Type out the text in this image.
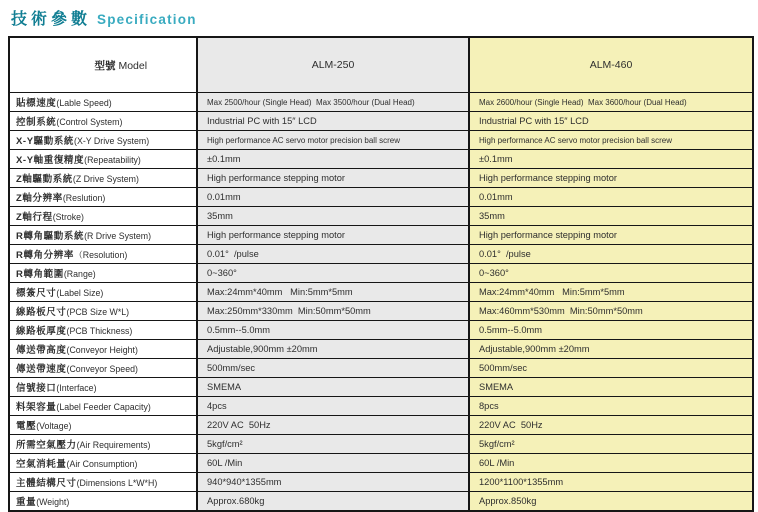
技術參數 Specification

型號 Model	ALM-250	ALM-460
貼標速度(Lable Speed)	Max 2500/hour (Single Head)  Max 3500/hour (Dual Head)	Max 2600/hour (Single Head)  Max 3600/hour (Dual Head)
控制系統(Control System)	Industrial PC with 15″ LCD	Industrial PC with 15″ LCD
X-Y驅動系統(X-Y Drive System)	High performance AC servo motor precision ball screw	High performance AC servo motor precision ball screw
X-Y軸重復精度(Repeatability)	±0.1mm	±0.1mm
Z軸驅動系統(Z Drive System)	High performance stepping motor	High performance stepping motor
Z軸分辨率(Reslution)	0.01mm	0.01mm
Z軸行程(Stroke)	35mm	35mm
R轉角驅動系統(R Drive System)	High performance stepping motor	High performance stepping motor
R轉角分辨率（Resolution)	0.01°  /pulse	0.01°  /pulse
R轉角範圍(Range)	0~360°	0~360°
標簽尺寸(Label Size)	Max:24mm*40mm   Min:5mm*5mm	Max:24mm*40mm   Min:5mm*5mm
線路板尺寸(PCB Size W*L)	Max:250mm*330mm  Min:50mm*50mm	Max:460mm*530mm  Min:50mm*50mm
線路板厚度(PCB Thickness)	0.5mm--5.0mm	0.5mm--5.0mm
傳送帶高度(Conveyor Height)	Adjustable,900mm ±20mm	Adjustable,900mm ±20mm
傳送帶速度(Conveyor Speed)	500mm/sec	500mm/sec
信號接口(Interface)	SMEMA	SMEMA
料架容量(Label Feeder Capacity)	4pcs	8pcs
電壓(Voltage)	220V AC  50Hz	220V AC  50Hz
所需空氣壓力(Air Requirements)	5kgf/cm²	5kgf/cm²
空氣消耗量(Air Consumption)	60L /Min	60L /Min
主體結構尺寸(Dimensions L*W*H)	940*940*1355mm	1200*1100*1355mm
重量(Weight)	Approx.680kg	Approx.850kg
